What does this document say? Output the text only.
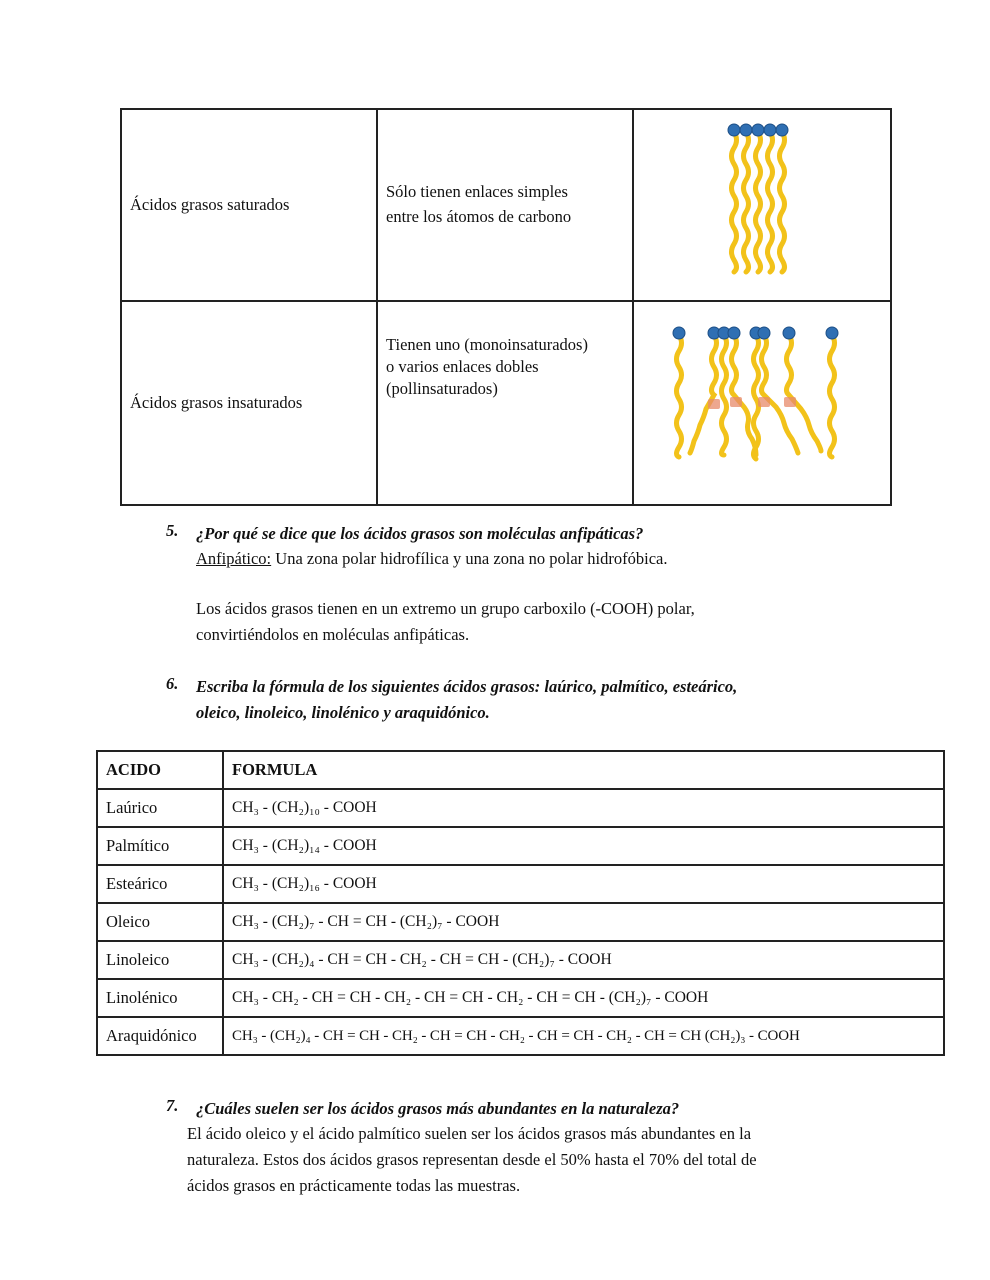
Ácidos grasos saturados	Sólo tienen enlaces simples
entre los átomos de carbono

Ácidos grasos insaturados	Tienen uno (monoinsaturados)
o varios enlaces dobles
(pollinsaturados)

5. ¿Por qué se dice que los ácidos grasos son moléculas anfipáticas?
Anfipático: Una zona polar hidrofílica y una zona no polar hidrofóbica.
Los ácidos grasos tienen en un extremo un grupo carboxilo (-COOH) polar,
convirtiéndolos en moléculas anfipáticas.
6. Escriba la fórmula de los siguientes ácidos grasos: laúrico, palmítico, esteárico,
oleico, linoleico, linolénico y araquidónico.
ACIDO	FORMULA
Laúrico	CH₃ - (CH₂)₁₀ - COOH
Palmítico	CH₃ - (CH₂)₁₄ - COOH
Esteárico	CH₃ - (CH₂)₁₆ - COOH
Oleico	CH₃ - (CH₂)₇ - CH = CH - (CH₂)₇ - COOH
Linoleico	CH₃ - (CH₂)₄ - CH = CH - CH₂ - CH = CH - (CH₂)₇ - COOH
Linolénico	CH₃ - CH₂ - CH = CH - CH₂ - CH = CH - CH₂ - CH = CH - (CH₂)₇ - COOH
Araquidónico	CH₃ - (CH₂)₄ - CH = CH - CH₂ - CH = CH - CH₂ - CH = CH - CH₂ - CH = CH (CH₂)₃ - COOH
7. ¿Cuáles suelen ser los ácidos grasos más abundantes en la naturaleza?
El ácido oleico y el ácido palmítico suelen ser los ácidos grasos más abundantes en la
naturaleza. Estos dos ácidos grasos representan desde el 50% hasta el 70% del total de
ácidos grasos en prácticamente todas las muestras.
